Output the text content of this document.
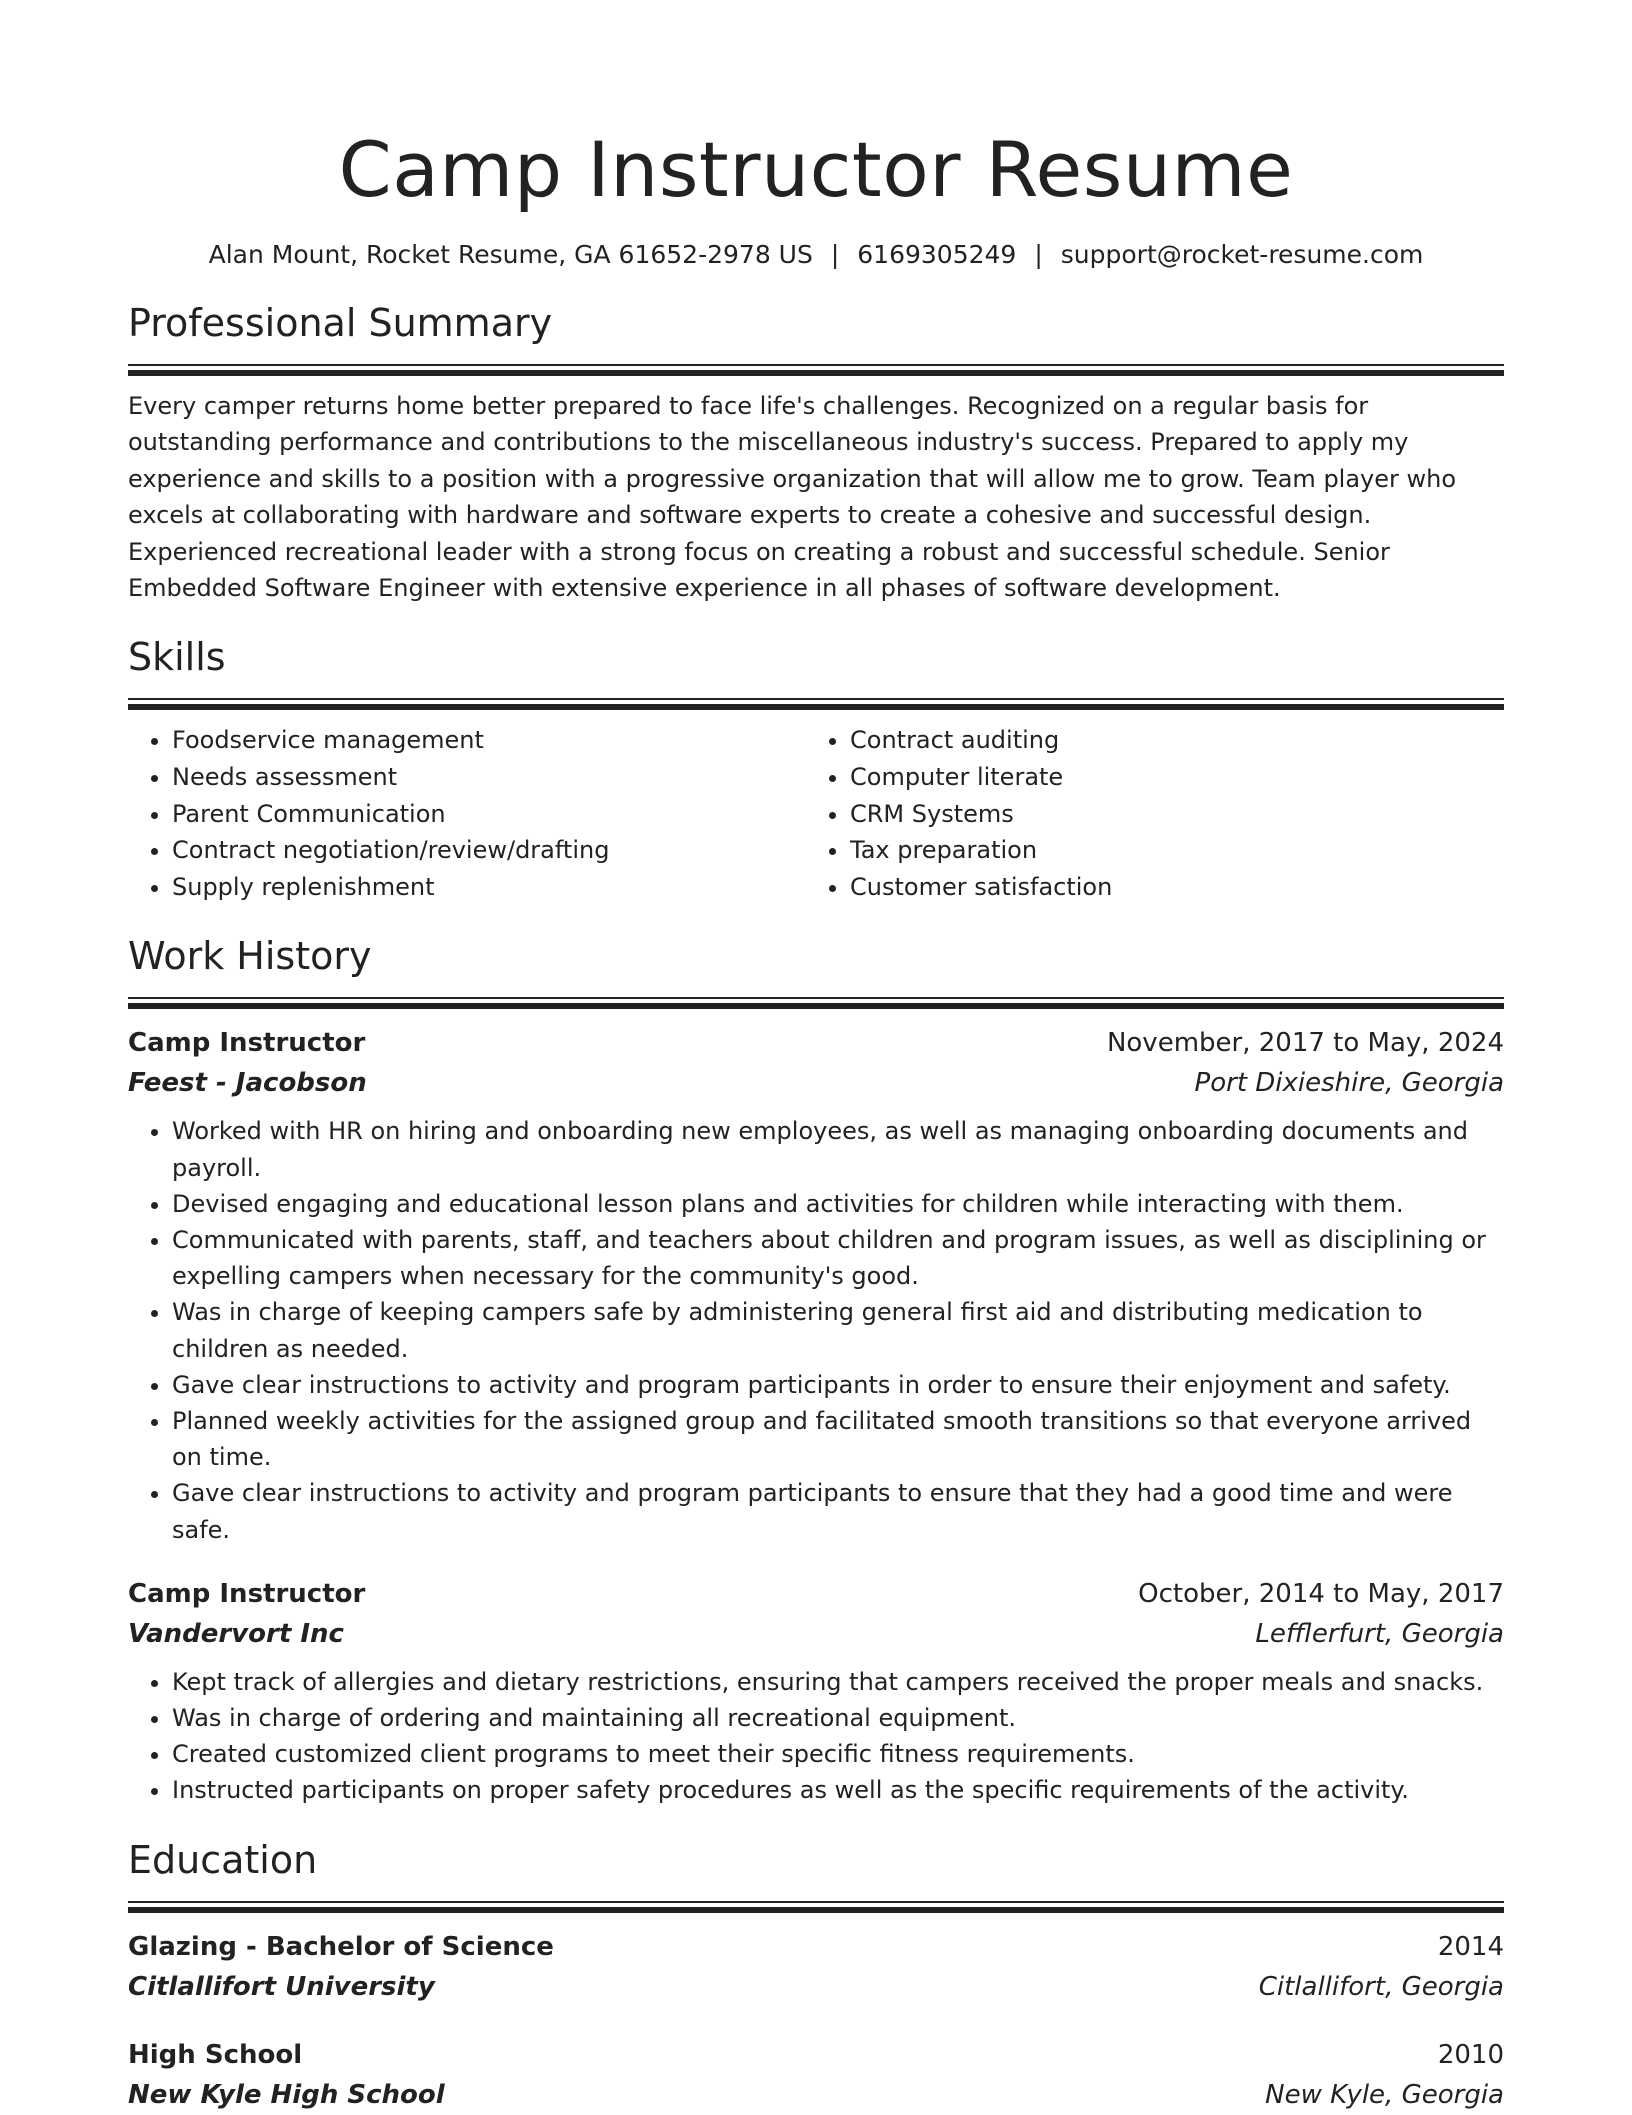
Camp Instructor Resume
Alan Mount, Rocket Resume, GA 61652-2978 US | 6169305249 | support@rocket-resume.com
Professional Summary
Every camper returns home better prepared to face life's challenges. Recognized on a regular basis for outstanding performance and contributions to the miscellaneous industry's success. Prepared to apply my experience and skills to a position with a progressive organization that will allow me to grow. Team player who excels at collaborating with hardware and software experts to create a cohesive and successful design. Experienced recreational leader with a strong focus on creating a robust and successful schedule. Senior Embedded Software Engineer with extensive experience in all phases of software development.
Skills
• Foodservice management
• Needs assessment
• Parent Communication
• Contract negotiation/review/drafting
• Supply replenishment
• Contract auditing
• Computer literate
• CRM Systems
• Tax preparation
• Customer satisfaction
Work History
Camp Instructor	November, 2017 to May, 2024
Feest - Jacobson	Port Dixieshire, Georgia
• Worked with HR on hiring and onboarding new employees, as well as managing onboarding documents and payroll.
• Devised engaging and educational lesson plans and activities for children while interacting with them.
• Communicated with parents, staff, and teachers about children and program issues, as well as disciplining or expelling campers when necessary for the community's good.
• Was in charge of keeping campers safe by administering general first aid and distributing medication to children as needed.
• Gave clear instructions to activity and program participants in order to ensure their enjoyment and safety.
• Planned weekly activities for the assigned group and facilitated smooth transitions so that everyone arrived on time.
• Gave clear instructions to activity and program participants to ensure that they had a good time and were safe.
Camp Instructor	October, 2014 to May, 2017
Vandervort Inc	Lefflerfurt, Georgia
• Kept track of allergies and dietary restrictions, ensuring that campers received the proper meals and snacks.
• Was in charge of ordering and maintaining all recreational equipment.
• Created customized client programs to meet their specific fitness requirements.
• Instructed participants on proper safety procedures as well as the specific requirements of the activity.
Education
Glazing - Bachelor of Science	2014
Citlallifort University	Citlallifort, Georgia
High School	2010
New Kyle High School	New Kyle, Georgia
